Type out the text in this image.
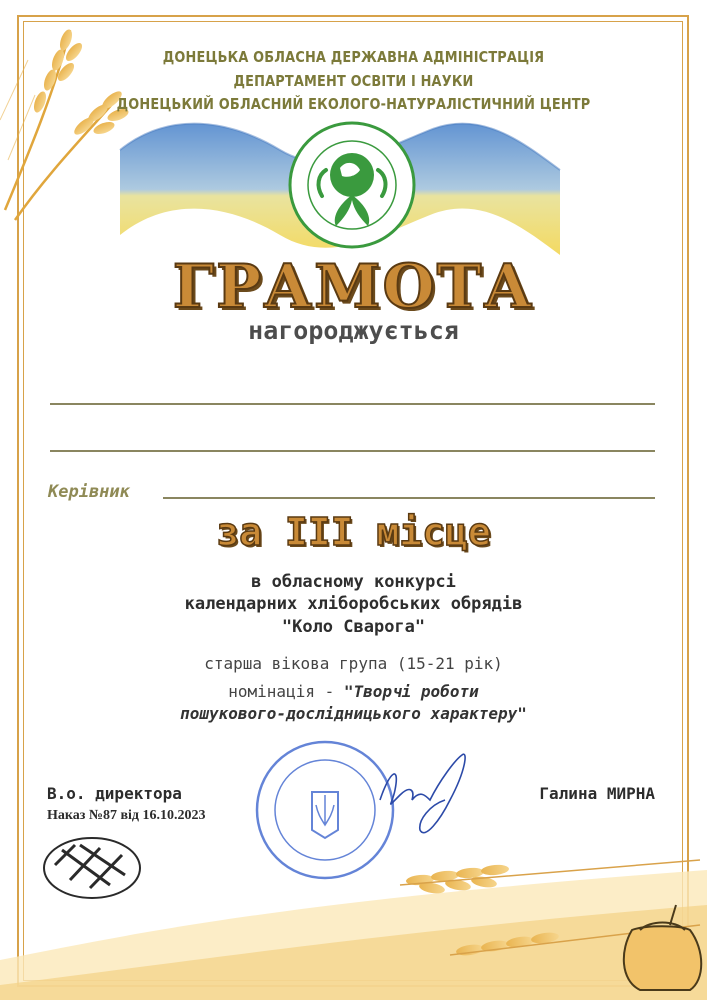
ДОНЕЦЬКА ОБЛАСНА ДЕРЖАВНА АДМІНІСТРАЦІЯ
ДЕПАРТАМЕНТ ОСВІТИ І НАУКИ
ДОНЕЦЬКИЙ ОБЛАСНИЙ ЕКОЛОГО-НАТУРАЛІСТИЧНИЙ ЦЕНТР
ГРАМОТА
нагороджується
Керівник
за ІІІ місце
в обласному конкурсі
календарних хліборобських обрядів
"Коло Сварога"
старша вікова група (15-21 рік)
номінація - "Творчі роботи
пошукового-дослідницького характеру"
В.о. директора
Наказ №87 від 16.10.2023
Галина МИРНА
